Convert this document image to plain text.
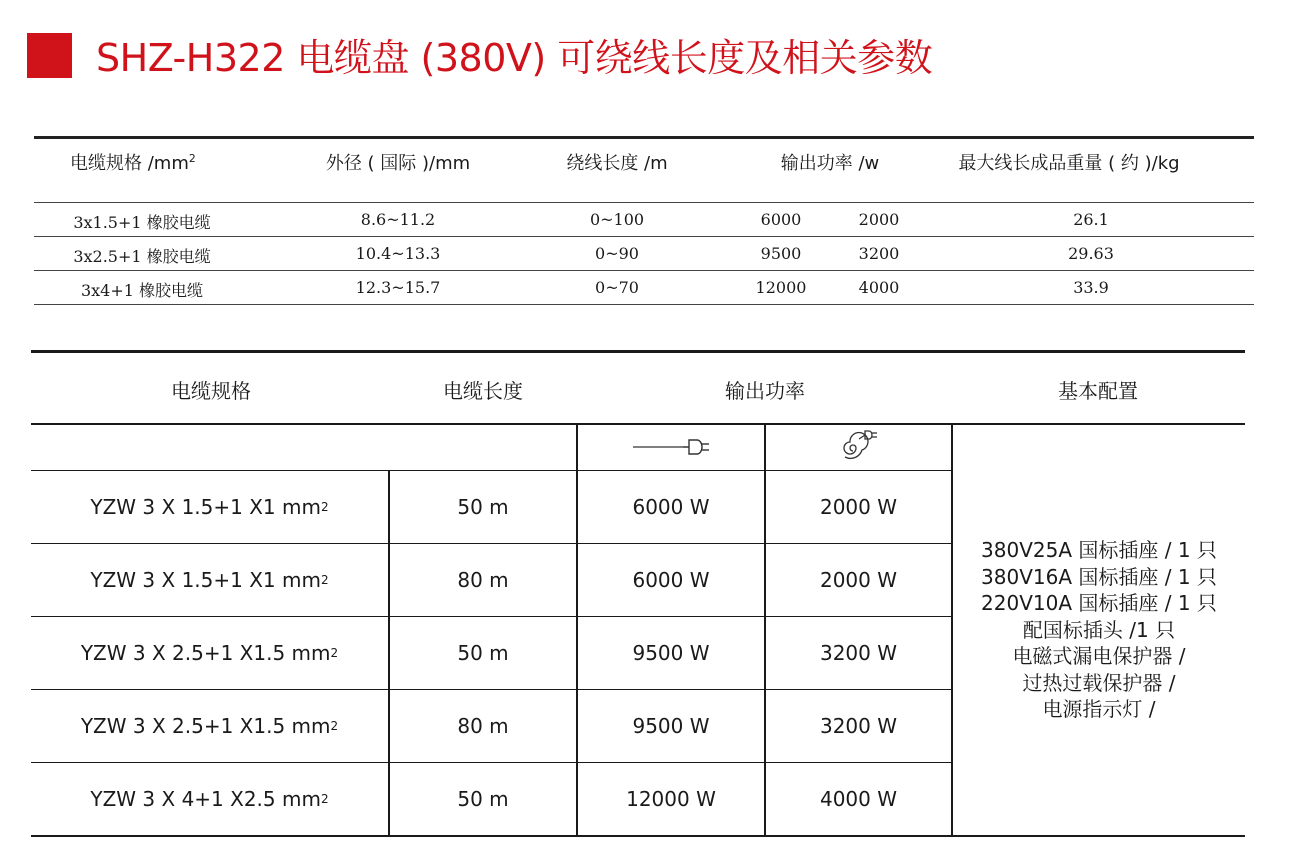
SHZ-H322 电缆盘 (380V) 可绕线长度及相关参数
电缆规格 $/mm^2$	外径 ( 国际 )/mm	绕线长度 /m	输出功率 /w	最大线长成品重量 ( 约 )/kg
3x1.5+1 橡胶电缆	8.6~11.2	0~100	6000	2000	26.1
3x2.5+1 橡胶电缆	10.4~13.3	0~90	9500	3200	29.63
3x4+1 橡胶电缆	12.3~15.7	0~70	12000	4000	33.9
电缆规格	电缆长度	输出功率	基本配置
YZW 3 X 1.5+1 X1 mm 2	50 m	6000 W	2000 W
YZW 3 X 1.5+1 X1 mm 2	80 m	6000 W	2000 W
YZW 3 X 2.5+1 X1.5 mm 2	50 m	9500 W	3200 W
YZW 3 X 2.5+1 X1.5 mm 2	80 m	9500 W	3200 W
YZW 3 X 4+1 X2.5 mm 2	50 m	12000 W	4000 W
380V25A 国标插座 / 1 只
380V16A 国标插座 / 1 只
220V10A 国标插座 / 1 只
配国标插头 /1 只
电磁式漏电保护器 /
过热过载保护器 /
电源指示灯 /
